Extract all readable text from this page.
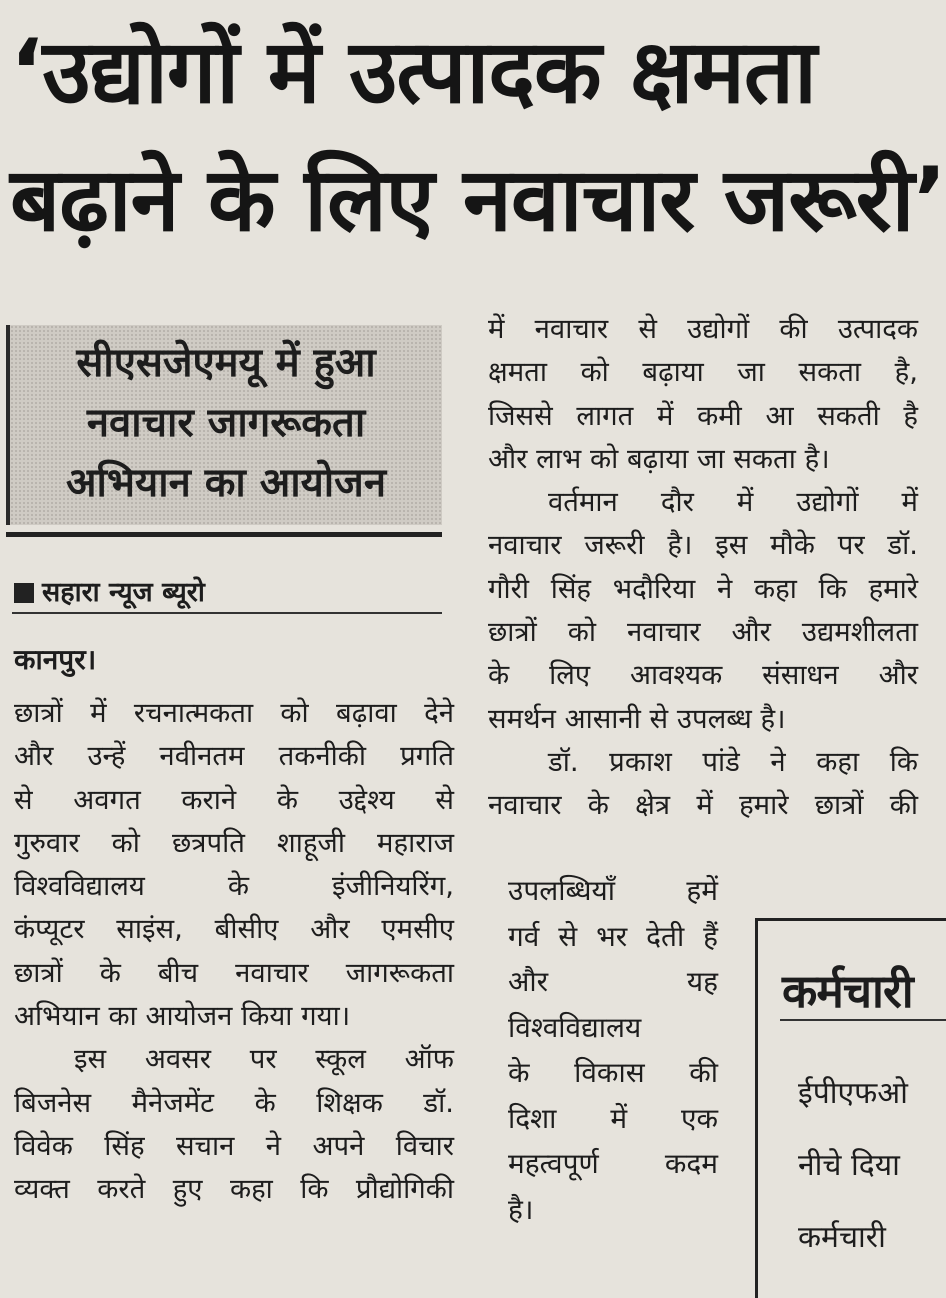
‘उद्योगों में उत्पादक क्षमता
बढ़ाने के लिए नवाचार जरूरी’
सीएसजेएमयू में हुआ
नवाचार जागरूकता
अभियान का आयोजन
सहारा न्यूज ब्यूरो
कानपुर।
छात्रों में रचनात्मकता को बढ़ावा देने
और उन्हें नवीनतम तकनीकी प्रगति
से अवगत कराने के उद्देश्य से
गुरुवार को छत्रपति शाहूजी महाराज
विश्वविद्यालय के इंजीनियरिंग,
कंप्यूटर साइंस, बीसीए और एमसीए
छात्रों के बीच नवाचार जागरूकता
अभियान का आयोजन किया गया।
इस अवसर पर स्कूल ऑफ
बिजनेस मैनेजमेंट के शिक्षक डॉ.
विवेक सिंह सचान ने अपने विचार
व्यक्त करते हुए कहा कि प्रौद्योगिकी
में नवाचार से उद्योगों की उत्पादक
क्षमता को बढ़ाया जा सकता है,
जिससे लागत में कमी आ सकती है
और लाभ को बढ़ाया जा सकता है।
वर्तमान दौर में उद्योगों में
नवाचार जरूरी है। इस मौके पर डॉ.
गौरी सिंह भदौरिया ने कहा कि हमारे
छात्रों को नवाचार और उद्यमशीलता
के लिए आवश्यक संसाधन और
समर्थन आसानी से उपलब्ध है।
डॉ. प्रकाश पांडे ने कहा कि
नवाचार के क्षेत्र में हमारे छात्रों की
उपलब्धियाँ हमें
गर्व से भर देती हैं
और यह
विश्वविद्यालय
के विकास की
दिशा में एक
महत्वपूर्ण कदम
है।
कर्मचारी
ईपीएफओ
नीचे दिया
कर्मचारी
